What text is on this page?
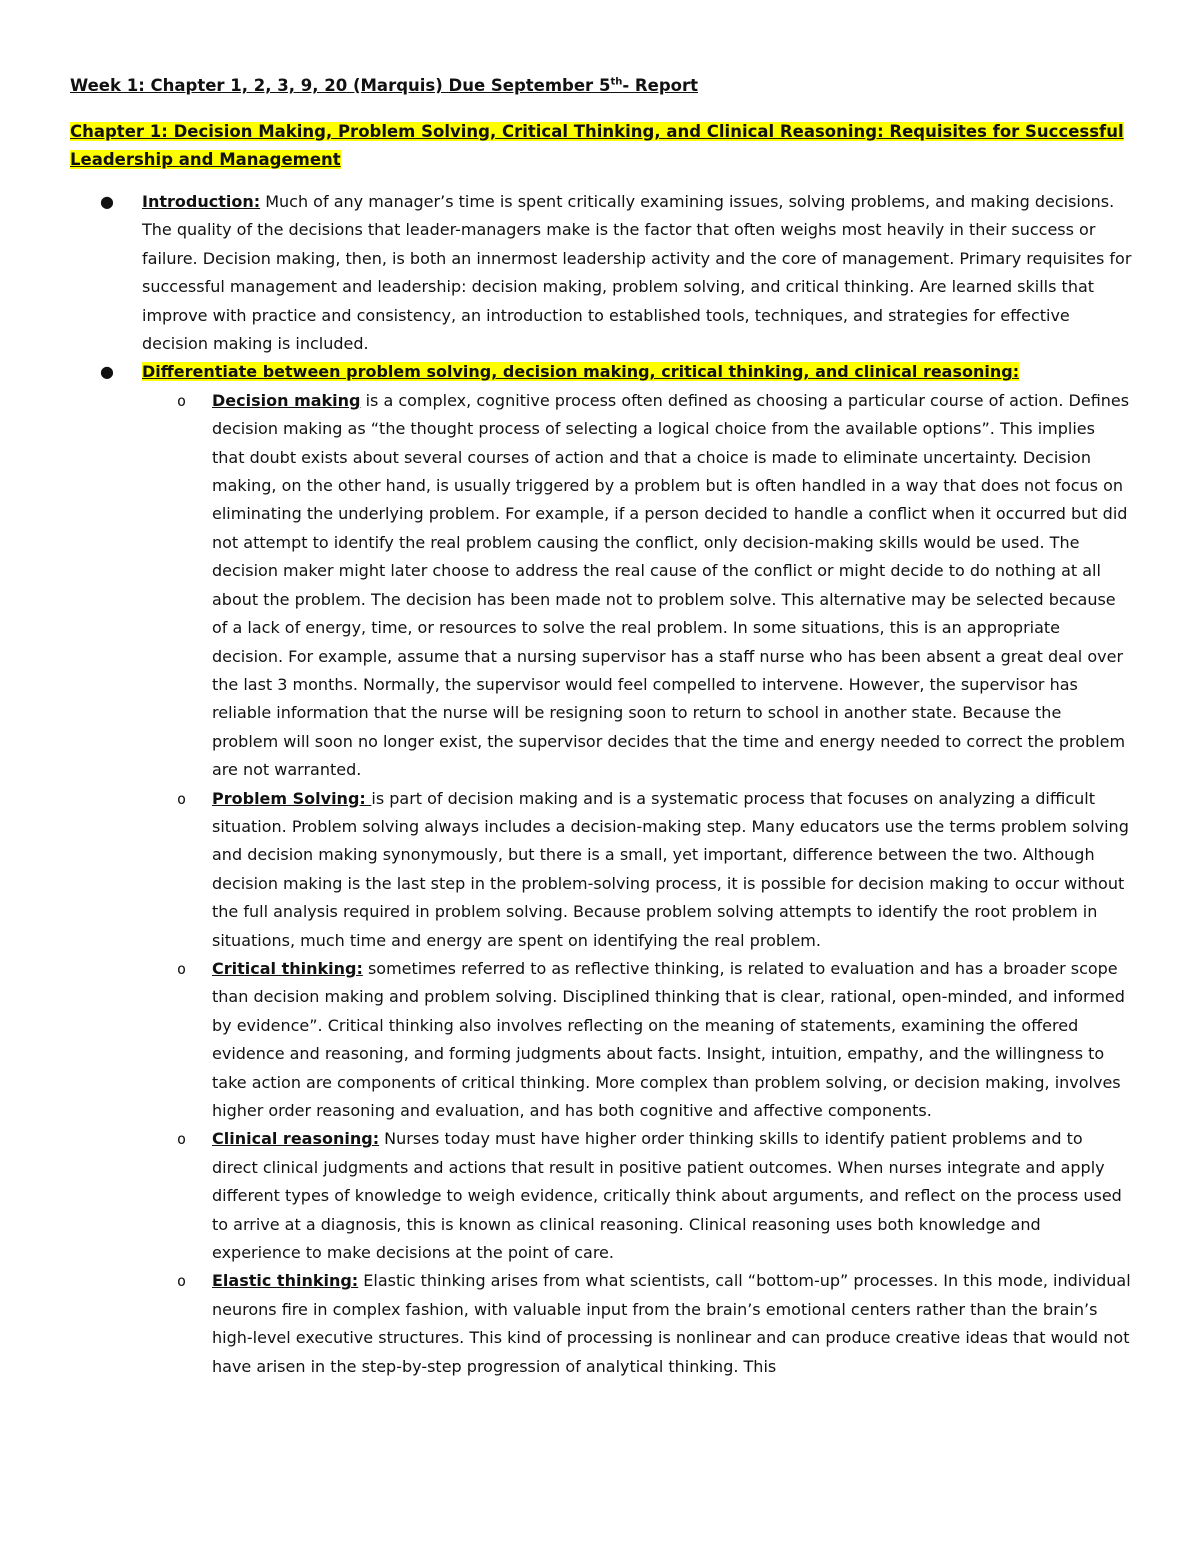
Week 1: Chapter 1, 2, 3, 9, 20 (Marquis) Due September 5th- Report
Chapter 1: Decision Making, Problem Solving, Critical Thinking, and Clinical Reasoning: Requisites for Successful Leadership and Management
● Introduction: Much of any manager’s time is spent critically examining issues, solving problems, and making decisions. The quality of the decisions that leader-managers make is the factor that often weighs most heavily in their success or failure. Decision making, then, is both an innermost leadership activity and the core of management. Primary requisites for successful management and leadership: decision making, problem solving, and critical thinking. Are learned skills that improve with practice and consistency, an introduction to established tools, techniques, and strategies for effective decision making is included.
● Differentiate between problem solving, decision making, critical thinking, and clinical reasoning:
o Decision making is a complex, cognitive process often defined as choosing a particular course of action. Defines decision making as “the thought process of selecting a logical choice from the available options”. This implies that doubt exists about several courses of action and that a choice is made to eliminate uncertainty. Decision making, on the other hand, is usually triggered by a problem but is often handled in a way that does not focus on eliminating the underlying problem. For example, if a person decided to handle a conflict when it occurred but did not attempt to identify the real problem causing the conflict, only decision-making skills would be used. The decision maker might later choose to address the real cause of the conflict or might decide to do nothing at all about the problem. The decision has been made not to problem solve. This alternative may be selected because of a lack of energy, time, or resources to solve the real problem. In some situations, this is an appropriate decision. For example, assume that a nursing supervisor has a staff nurse who has been absent a great deal over the last 3 months. Normally, the supervisor would feel compelled to intervene. However, the supervisor has reliable information that the nurse will be resigning soon to return to school in another state. Because the problem will soon no longer exist, the supervisor decides that the time and energy needed to correct the problem are not warranted.
o Problem Solving: is part of decision making and is a systematic process that focuses on analyzing a difficult situation. Problem solving always includes a decision-making step. Many educators use the terms problem solving and decision making synonymously, but there is a small, yet important, difference between the two. Although decision making is the last step in the problem-solving process, it is possible for decision making to occur without the full analysis required in problem solving. Because problem solving attempts to identify the root problem in situations, much time and energy are spent on identifying the real problem.
o Critical thinking: sometimes referred to as reflective thinking, is related to evaluation and has a broader scope than decision making and problem solving. Disciplined thinking that is clear, rational, open-minded, and informed by evidence”. Critical thinking also involves reflecting on the meaning of statements, examining the offered evidence and reasoning, and forming judgments about facts. Insight, intuition, empathy, and the willingness to take action are components of critical thinking. More complex than problem solving, or decision making, involves higher order reasoning and evaluation, and has both cognitive and affective components.
o Clinical reasoning: Nurses today must have higher order thinking skills to identify patient problems and to direct clinical judgments and actions that result in positive patient outcomes. When nurses integrate and apply different types of knowledge to weigh evidence, critically think about arguments, and reflect on the process used to arrive at a diagnosis, this is known as clinical reasoning. Clinical reasoning uses both knowledge and experience to make decisions at the point of care.
o Elastic thinking: Elastic thinking arises from what scientists, call “bottom-up” processes. In this mode, individual neurons fire in complex fashion, with valuable input from the brain’s emotional centers rather than the brain’s high-level executive structures. This kind of processing is nonlinear and can produce creative ideas that would not have arisen in the step-by-step progression of analytical thinking. This
